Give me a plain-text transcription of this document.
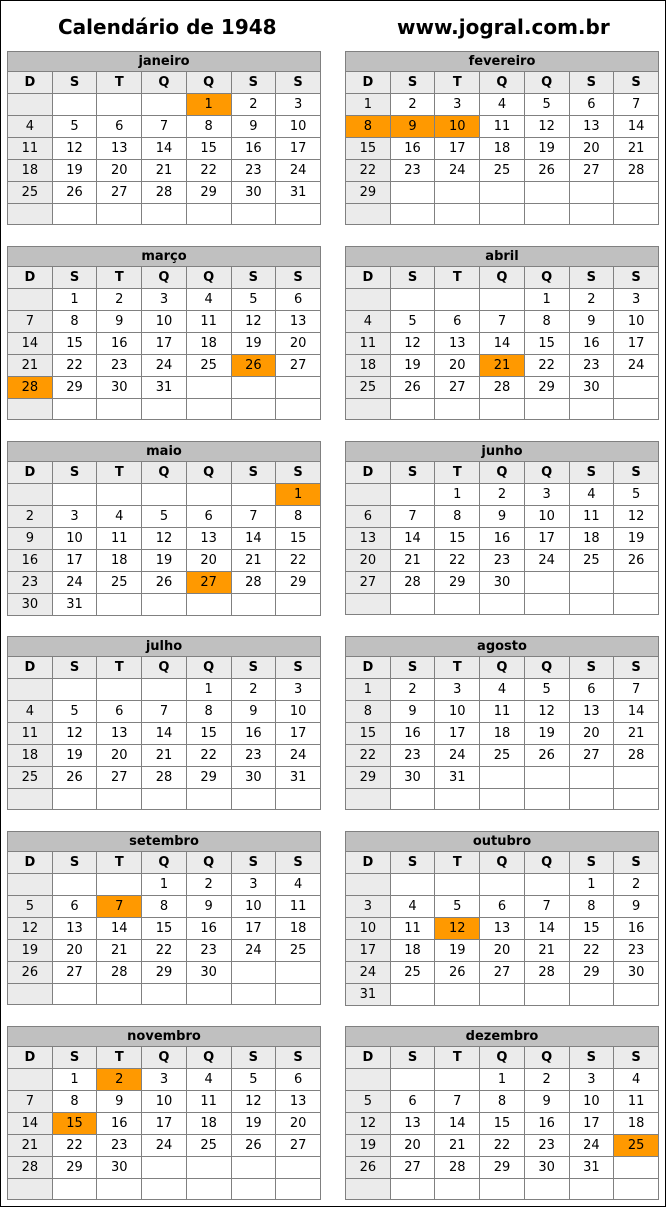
Calendário de 1948	www.jogral.com.br
janeiro						
D	S	T	Q	Q	S	S
				1	2	3
4	5	6	7	8	9	10
11	12	13	14	15	16	17
18	19	20	21	22	23	24
25	26	27	28	29	30	31

fevereiro						
D	S	T	Q	Q	S	S
1	2	3	4	5	6	7
8	9	10	11	12	13	14
15	16	17	18	19	20	21
22	23	24	25	26	27	28
29						

março						
D	S	T	Q	Q	S	S
	1	2	3	4	5	6
7	8	9	10	11	12	13
14	15	16	17	18	19	20
21	22	23	24	25	26	27
28	29	30	31			

abril						
D	S	T	Q	Q	S	S
				1	2	3
4	5	6	7	8	9	10
11	12	13	14	15	16	17
18	19	20	21	22	23	24
25	26	27	28	29	30	

maio						
D	S	T	Q	Q	S	S
						1
2	3	4	5	6	7	8
9	10	11	12	13	14	15
16	17	18	19	20	21	22
23	24	25	26	27	28	29
30	31					
junho						
D	S	T	Q	Q	S	S
		1	2	3	4	5
6	7	8	9	10	11	12
13	14	15	16	17	18	19
20	21	22	23	24	25	26
27	28	29	30			

julho						
D	S	T	Q	Q	S	S
				1	2	3
4	5	6	7	8	9	10
11	12	13	14	15	16	17
18	19	20	21	22	23	24
25	26	27	28	29	30	31

agosto						
D	S	T	Q	Q	S	S
1	2	3	4	5	6	7
8	9	10	11	12	13	14
15	16	17	18	19	20	21
22	23	24	25	26	27	28
29	30	31				

setembro						
D	S	T	Q	Q	S	S
			1	2	3	4
5	6	7	8	9	10	11
12	13	14	15	16	17	18
19	20	21	22	23	24	25
26	27	28	29	30		

outubro						
D	S	T	Q	Q	S	S
					1	2
3	4	5	6	7	8	9
10	11	12	13	14	15	16
17	18	19	20	21	22	23
24	25	26	27	28	29	30
31						
novembro						
D	S	T	Q	Q	S	S
	1	2	3	4	5	6
7	8	9	10	11	12	13
14	15	16	17	18	19	20
21	22	23	24	25	26	27
28	29	30				

dezembro						
D	S	T	Q	Q	S	S
			1	2	3	4
5	6	7	8	9	10	11
12	13	14	15	16	17	18
19	20	21	22	23	24	25
26	27	28	29	30	31	
